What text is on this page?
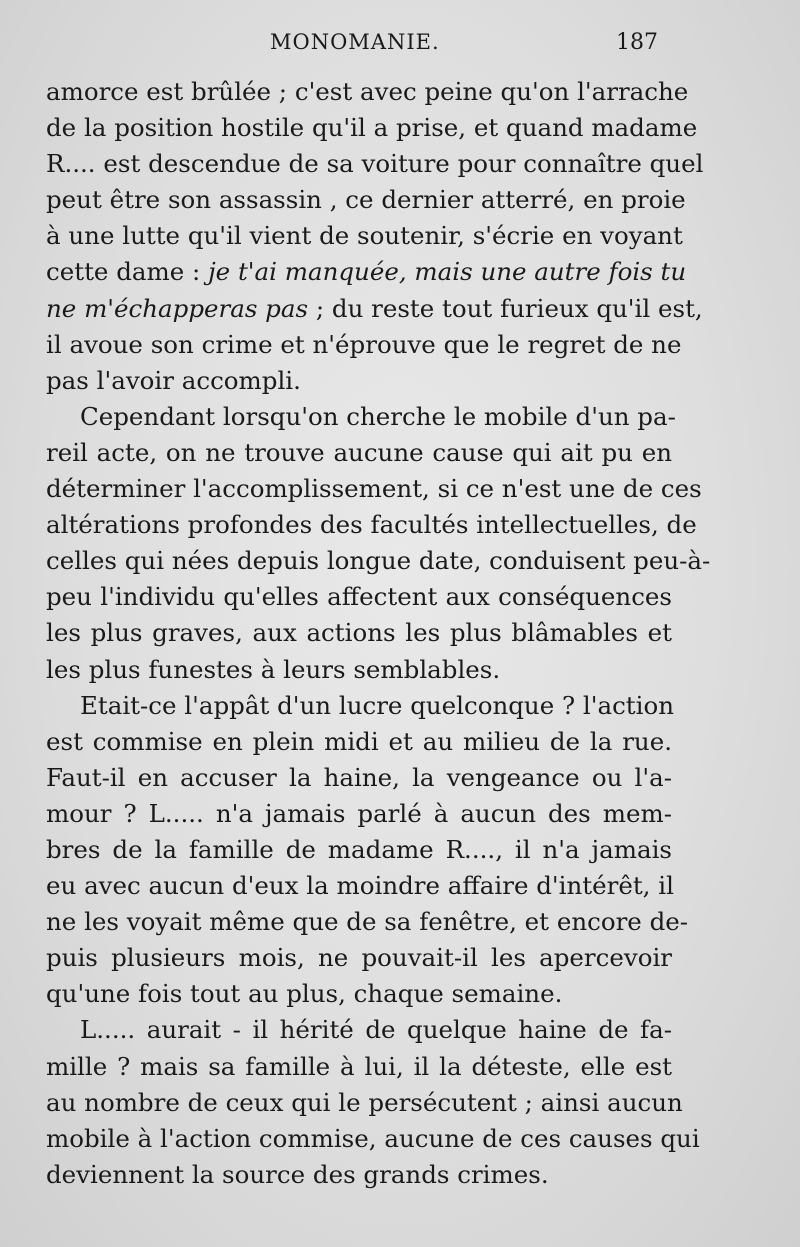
MONOMANIE.	187
amorce est brûlée ; c'est avec peine qu'on l'arrache
de la position hostile qu'il a prise, et quand madame
R.... est descendue de sa voiture pour connaître quel
peut être son assassin , ce dernier atterré, en proie
à une lutte qu'il vient de soutenir, s'écrie en voyant
cette dame : je t'ai manquée, mais une autre fois tu
ne m'échapperas pas ; du reste tout furieux qu'il est,
il avoue son crime et n'éprouve que le regret de ne
pas l'avoir accompli.
Cependant lorsqu'on cherche le mobile d'un pa-
reil acte, on ne trouve aucune cause qui ait pu en
déterminer l'accomplissement, si ce n'est une de ces
altérations profondes des facultés intellectuelles, de
celles qui nées depuis longue date, conduisent peu-à-
peu l'individu qu'elles affectent aux conséquences
les plus graves, aux actions les plus blâmables et
les plus funestes à leurs semblables.
Etait-ce l'appât d'un lucre quelconque ? l'action
est commise en plein midi et au milieu de la rue.
Faut-il en accuser la haine, la vengeance ou l'a-
mour ? L..... n'a jamais parlé à aucun des mem-
bres de la famille de madame R...., il n'a jamais
eu avec aucun d'eux la moindre affaire d'intérêt, il
ne les voyait même que de sa fenêtre, et encore de-
puis plusieurs mois, ne pouvait-il les apercevoir
qu'une fois tout au plus, chaque semaine.
L..... aurait - il hérité de quelque haine de fa-
mille ? mais sa famille à lui, il la déteste, elle est
au nombre de ceux qui le persécutent ; ainsi aucun
mobile à l'action commise, aucune de ces causes qui
deviennent la source des grands crimes.
